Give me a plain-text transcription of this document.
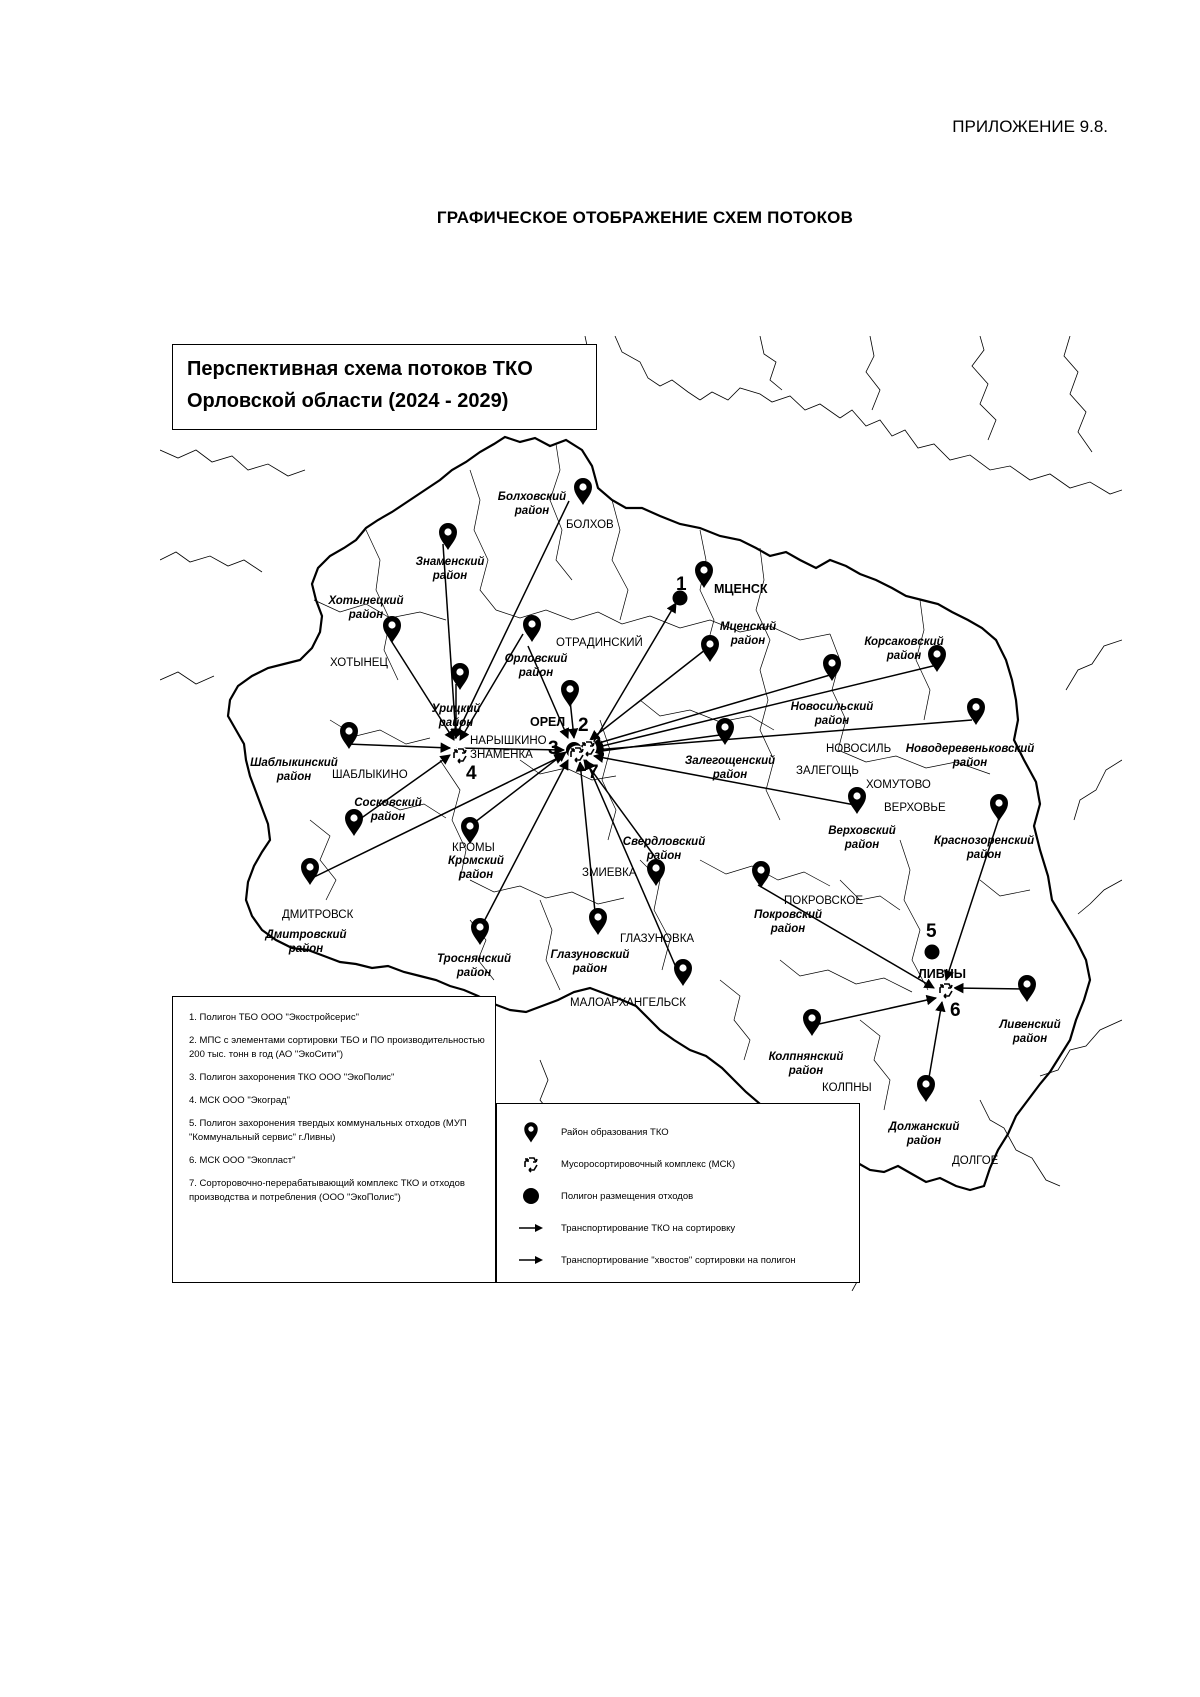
ПРИЛОЖЕНИЕ 9.8.
ГРАФИЧЕСКОЕ ОТОБРАЖЕНИЕ СХЕМ ПОТОКОВ
1
2
3
4
5
6
7
МЦЕНСК
ОРЕЛ
ЛИВНЫ
БОЛХОВ
ОТРАДИНСКИЙ
ХОТЫНЕЦ
НАРЫШКИНО
ЗНАМЕНКА
ШАБЛЫКИНО
КРОМЫ
ЗМИЕВКА
ДМИТРОВСК
ГЛАЗУНОВКА
МАЛОАРХАНГЕЛЬСК
НОВОСИЛЬ
ЗАЛЕГОЩЬ
ХОМУТОВО
ВЕРХОВЬЕ
ПОКРОВСКОЕ
КОЛПНЫ
ДОЛГОЕ
Болховский район
Знаменский район
Хотынецкий район
Орловский район
Урицкий район
Мценский район	Корсаковский район
Новосильский район
Новодеревеньковский район
Шаблыкинский район
Залегощенский район
Сосковский район
Верховский район	Краснозоренский район
Свердловский район
Кромский район
Покровский район
Дмитровский район
Троснянский район
Глазуновский район
Ливенский район
Колпнянский район
Должанский район
Перспективная схема потоков ТКО
Орловской области (2024 - 2029)
1. Полигон ТБО ООО "Экостройсерис"
2. МПС с элементами сортировки ТБО и ПО производительностью 200 тыс. тонн в год (АО "ЭкоСити")
3. Полигон захоронения ТКО ООО "ЭкоПолис"
4. МСК ООО "Экоград"
5. Полигон захоронения твердых коммунальных отходов (МУП "Коммунальный сервис" г.Ливны)
6. МСК ООО "Экопласт"
7. Сорторовочно-перерабатывающий комплекс ТКО и отходов производства и потребления (ООО "ЭкоПолис")
Район образования ТКО
Мусоросортировочный комплекс (МСК)
Полигон размещения отходов
Транспортирование ТКО на сортировку
Транспортирование "хвостов" сортировки на полигон
